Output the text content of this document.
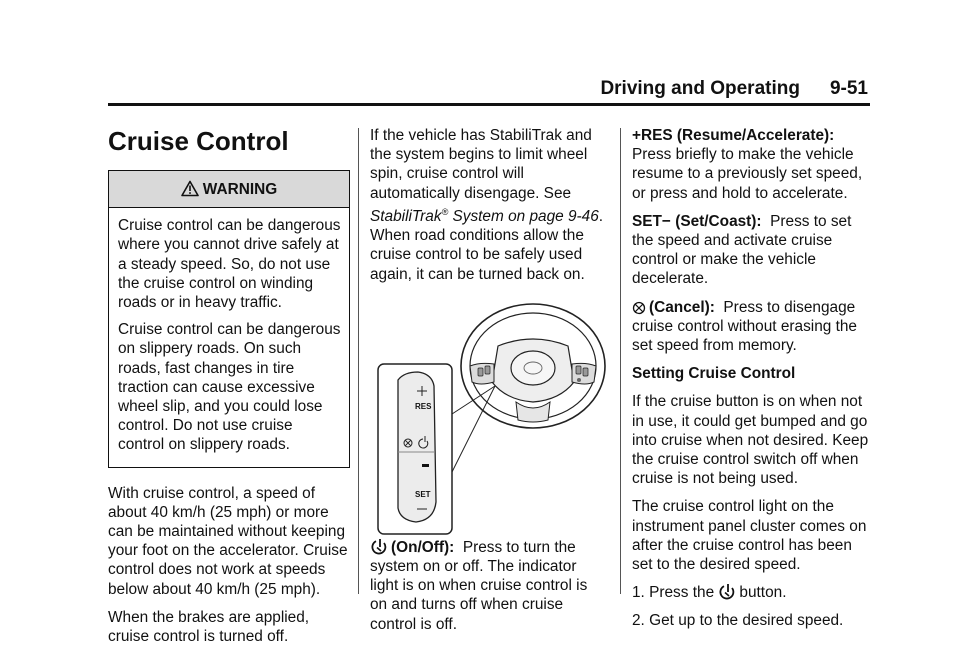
Driving and Operating 9-51
Cruise Control
WARNING

Cruise control can be dangerous where you cannot drive safely at a steady speed. So, do not use the cruise control on winding roads or in heavy traffic.

Cruise control can be dangerous on slippery roads. On such roads, fast changes in tire traction can cause excessive wheel slip, and you could lose control. Do not use cruise control on slippery roads.

With cruise control, a speed of about 40 km/h (25 mph) or more can be maintained without keeping your foot on the accelerator. Cruise control does not work at speeds below about 40 km/h (25 mph).

When the brakes are applied, cruise control is turned off.

If the vehicle has StabiliTrak and the system begins to limit wheel spin, cruise control will automatically disengage. See StabiliTrak® System on page 9-46. When road conditions allow the cruise control to be safely used again, it can be turned back on.

RES
SET

(On/Off): Press to turn the system on or off. The indicator light is on when cruise control is on and turns off when cruise control is off.

+RES (Resume/Accelerate):
Press briefly to make the vehicle resume to a previously set speed, or press and hold to accelerate.

SET− (Set/Coast): Press to set the speed and activate cruise control or make the vehicle decelerate.

(Cancel): Press to disengage cruise control without erasing the set speed from memory.

Setting Cruise Control

If the cruise button is on when not in use, it could get bumped and go into cruise when not desired. Keep the cruise control switch off when cruise is not being used.

The cruise control light on the instrument panel cluster comes on after the cruise control has been set to the desired speed.

1. Press the button.
2. Get up to the desired speed.
